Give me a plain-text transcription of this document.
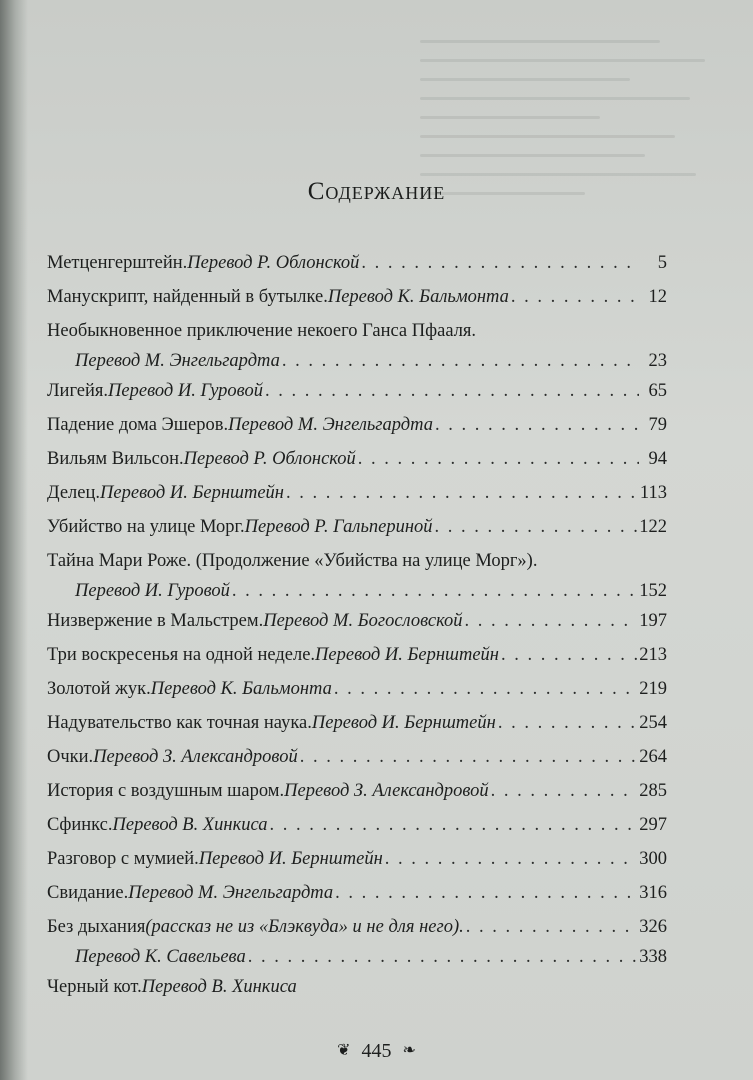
Содержание
Метценгерштейн. Перевод Р. Облонской . . .	5
Манускрипт, найденный в бутылке. Перевод К. Бальмонта . . .	12
Необыкновенное приключение некоего Ганса Пфааля.
Перевод М. Энгельгардта . . .	23
Лигейя. Перевод И. Гуровой . . .	65
Падение дома Эшеров. Перевод М. Энгельгардта . . .	79
Вильям Вильсон. Перевод Р. Облонской . . .	94
Делец. Перевод И. Бернштейн . . .	113
Убийство на улице Морг. Перевод Р. Гальпериной . . .	122
Тайна Мари Роже. (Продолжение «Убийства на улице Морг»).
Перевод И. Гуровой . . .	152
Низвержение в Мальстрем. Перевод М. Богословской . . .	197
Три воскресенья на одной неделе. Перевод И. Бернштейн . . .	213
Золотой жук. Перевод К. Бальмонта . . .	219
Надувательство как точная наука. Перевод И. Бернштейн . . .	254
Очки. Перевод З. Александровой . . .	264
История с воздушным шаром. Перевод З. Александровой . . .	285
Сфинкс. Перевод В. Хинкиса . . .	297
Разговор с мумией. Перевод И. Бернштейн . . .	300
Свидание. Перевод М. Энгельгардта . . .	316
Без дыхания (рассказ не из «Блэквуда» и не для него). . . .	326
Перевод К. Савельева . . .	338
Черный кот. Перевод В. Хинкиса
❦ 445 ❧
